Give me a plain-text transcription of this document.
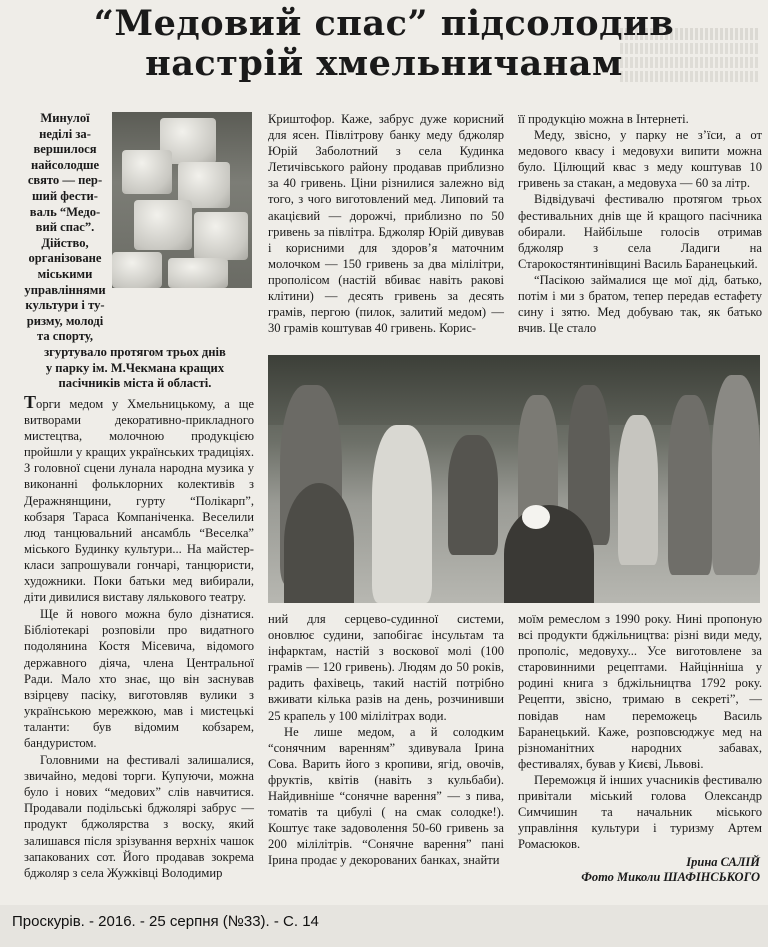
“Медовий спас” підсолодив
настрій хмельничанам
Минулої
неділі за-
вершилося
найсолодше
свято — пер-
ший фести-
валь “Медо-
вий спас”.
Дійство,
організоване
міськими
управліннями
культури і ту-
ризму, молоді
та спорту,
згуртувало протягом трьох днів
у парку ім. М.Чекмана кращих
пасічників міста й області.

Торги медом у Хмельницькому, а ще витворами декоративно-прикладного мистецтва, молочною продукцією пройшли у кращих українських традиціях. З головної сцени лунала народна музика у виконанні фольклорних колективів з Деражнянщини, гурту “Полікарп”, кобзаря Тараса Компаніченка. Веселили люд танцювальний ансамбль “Веселка” міського Будинку культури... На майстер-класи запрошували гончарі, танцюристи, художники. Поки батьки мед вибирали, діти дивилися виставу лялькового театру.

Ще й нового можна було дізнатися. Бібліотекарі розповіли про видатного подолянина Костя Місевича, відомого державного діяча, члена Центральної Ради. Мало хто знає, що він заснував взірцеву пасіку, виготовляв вулики з українською мережкою, мав і мистецькі таланти: був відомим кобзарем, бандуристом.

Головними на фестивалі залишалися, звичайно, медові торги. Купуючи, можна було і нових “медових” слів навчитися. Продавали подільські бджолярі забрус — продукт бджолярства з воску, який залишався після зрізування верхніх чашок запакованих сот. Його продавав зокрема бджоляр з села Жужківці Володимир

Криштофор. Каже, забрус дуже корисний для ясен. Півлітрову банку меду бджоляр Юрій Заболотний з села Кудинка Летичівського району продавав приблизно за 40 гривень. Ціни різнилися залежно від того, з чого виготовлений мед. Липовий та акацієвий — дорожчі, приблизно по 50 гривень за півлітра. Бджоляр Юрій дивував і корисними для здоров’я маточним молочком — 150 гривень за два мілілітри, прополісом (настій вбиває навіть ракові клітини) — десять гривень за десять грамів, пергою (пилок, залитий медом) — 30 грамів коштував 40 гривень. Корис-

її продукцію можна в Інтернеті.

Меду, звісно, у парку не з’їси, а от медового квасу і медовухи випити можна було. Цілющий квас з меду коштував 10 гривень за стакан, а медовуха — 60 за літр.

Відвідувачі фестивалю протягом трьох фестивальних днів ще й кращого пасічника обирали. Найбільше голосів отримав бджоляр з села Ладиги на Старокостянтинівщині Василь Баранецький.

“Пасікою займалися ще мої дід, батько, потім і ми з братом, тепер передав естафету сину і зятю. Мед добуваю так, як батько вчив. Це стало

ний для серцево-судинної системи, оновлює судини, запобігає інсультам та інфарктам, настій з воскової молі (100 грамів — 120 гривень). Людям до 50 років, радить фахівець, такий настій потрібно вживати кілька разів на день, розчинивши 25 крапель у 100 мілілітрах води.

Не лише медом, а й солодким “сонячним варенням” здивувала Ірина Сова. Варить його з кропиви, ягід, овочів, фруктів, квітів (навіть з кульбаби). Найдивніше “сонячне варення” — з пива, томатів та цибулі ( на смак солодке!). Коштує таке задоволення 50-60 гривень за 200 мілілітрів. “Сонячне варення” пані Ірина продає у декорованих банках, знайти

моїм ремеслом з 1990 року. Нині пропоную всі продукти бджільництва: різні види меду, прополіс, медовуху... Усе виготовлене за старовинними рецептами. Найцінніша у родині книга з бджільництва 1792 року. Рецепти, звісно, тримаю в секреті”, — повідав нам переможець Василь Баранецький. Каже, розповсюджує мед на різноманітних народних забавах, фестивалях, бував у Києві, Львові.

Переможця й інших учасників фестивалю привітали міський голова Олександр Симчишин та начальник міського управління культури і туризму Артем Ромасюков.

Ірина САЛІЙ
Фото Миколи ШАФІНСЬКОГО
Проскурів. - 2016. - 25 серпня (№33). - С. 14
